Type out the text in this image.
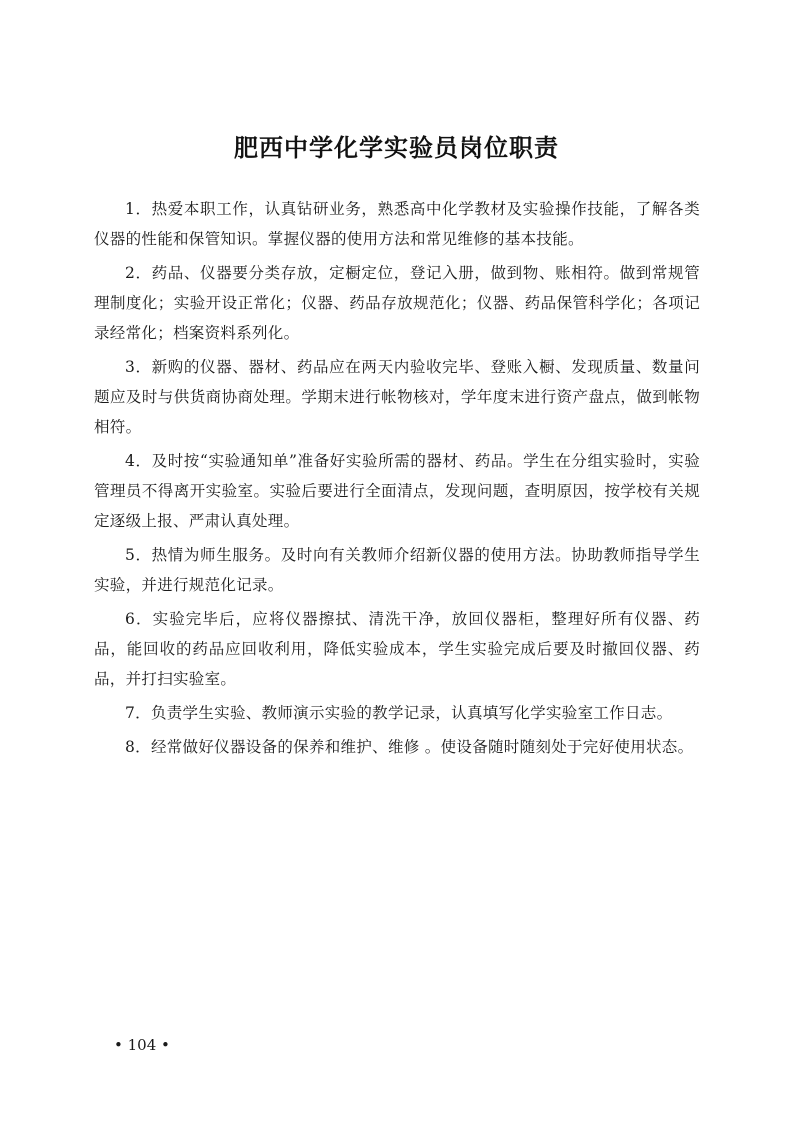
肥西中学化学实验员岗位职责

1．热爱本职工作，认真钻研业务，熟悉高中化学教材及实验操作技能，了解各类仪器的性能和保管知识。掌握仪器的使用方法和常见维修的基本技能。

2．药品、仪器要分类存放，定橱定位，登记入册，做到物、账相符。做到常规管理制度化；实验开设正常化；仪器、药品存放规范化；仪器、药品保管科学化；各项记录经常化；档案资料系列化。

3．新购的仪器、器材、药品应在两天内验收完毕、登账入橱、发现质量、数量问题应及时与供货商协商处理。学期末进行帐物核对，学年度末进行资产盘点，做到帐物相符。

4．及时按“实验通知单”准备好实验所需的器材、药品。学生在分组实验时，实验管理员不得离开实验室。实验后要进行全面清点，发现问题，查明原因，按学校有关规定逐级上报、严肃认真处理。

5．热情为师生服务。及时向有关教师介绍新仪器的使用方法。协助教师指导学生实验，并进行规范化记录。

6．实验完毕后，应将仪器擦拭、清洗干净，放回仪器柜，整理好所有仪器、药品，能回收的药品应回收利用，降低实验成本，学生实验完成后要及时撤回仪器、药品，并打扫实验室。

7．负责学生实验、教师演示实验的教学记录，认真填写化学实验室工作日志。

8．经常做好仪器设备的保养和维护、维修 。使设备随时随刻处于完好使用状态。

• 104 •
